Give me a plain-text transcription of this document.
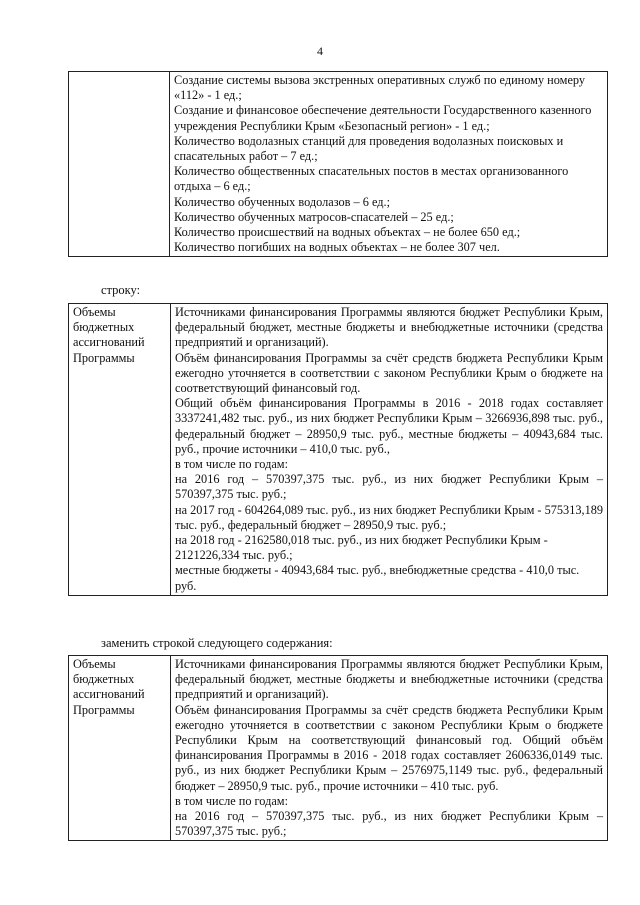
4

Создание системы вызова экстренных оперативных служб по единому номеру «112» - 1 ед.;
Создание и финансовое обеспечение деятельности Государственного казенного учреждения Республики Крым «Безопасный регион» - 1 ед.;
Количество водолазных станций для проведения водолазных поисковых и спасательных работ – 7 ед.;
Количество общественных спасательных постов в местах организованного отдыха – 6 ед.;
Количество обученных водолазов – 6 ед.;
Количество обученных матросов-спасателей – 25 ед.;
Количество происшествий на водных объектах – не более 650 ед.;
Количество погибших на водных объектах – не более 307 чел.
строку:
Объемы бюджетных ассигнований Программы	
Источниками финансирования Программы являются бюджет Республики Крым, федеральный бюджет, местные бюджеты и внебюджетные источники (средства предприятий и организаций).
Объём финансирования Программы за счёт средств бюджета Республики Крым ежегодно уточняется в соответствии с законом Республики Крым о бюджете на соответствующий финансовый год.
Общий объём финансирования Программы в 2016 - 2018 годах составляет 3337241,482 тыс. руб., из них бюджет Республики Крым – 3266936,898 тыс. руб., федеральный бюджет – 28950,9 тыс. руб., местные бюджеты – 40943,684 тыс. руб., прочие источники – 410,0 тыс. руб.,
в том числе по годам:
на 2016 год – 570397,375 тыс. руб., из них бюджет Республики Крым – 570397,375 тыс. руб.;
на 2017 год - 604264,089 тыс. руб., из них бюджет Республики Крым - 575313,189 тыс. руб., федеральный бюджет – 28950,9 тыс. руб.;
на 2018 год - 2162580,018 тыс. руб., из них бюджет Республики Крым - 2121226,334 тыс. руб.;
местные бюджеты - 40943,684 тыс. руб., внебюджетные средства - 410,0 тыс. руб.
заменить строкой следующего содержания:
Объемы бюджетных ассигнований Программы	
Источниками финансирования Программы являются бюджет Республики Крым, федеральный бюджет, местные бюджеты и внебюджетные источники (средства предприятий и организаций).
Объём финансирования Программы за счёт средств бюджета Республики Крым ежегодно уточняется в соответствии с законом Республики Крым о бюджете Республики Крым на соответствующий финансовый год. Общий объём финансирования Программы в 2016 - 2018 годах составляет 2606336,0149 тыс. руб., из них бюджет Республики Крым – 2576975,1149 тыс. руб., федеральный бюджет – 28950,9 тыс. руб., прочие источники – 410 тыс. руб.
в том числе по годам:
на 2016 год – 570397,375 тыс. руб., из них бюджет Республики Крым – 570397,375 тыс. руб.;
